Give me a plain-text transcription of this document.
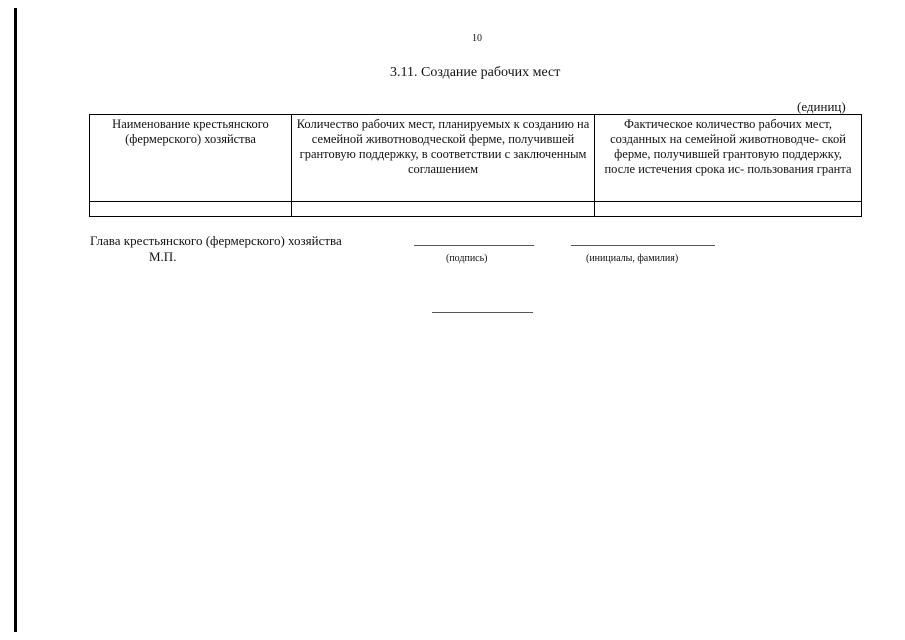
10
3.11. Создание рабочих мест
(единиц)
Наименование крестьянского (фермерского) хозяйства	Количество рабочих мест, планируемых к созданию на семейной животноводческой ферме, получившей грантовую поддержку, в соответствии с заключенным соглашением	Фактическое количество рабочих мест, созданных на семейной животноводче- ской ферме, получившей грантовую поддержку, после истечения срока ис- пользования гранта

Глава крестьянского (фермерского) хозяйства
М.П.	(подпись)	(инициалы, фамилия)
